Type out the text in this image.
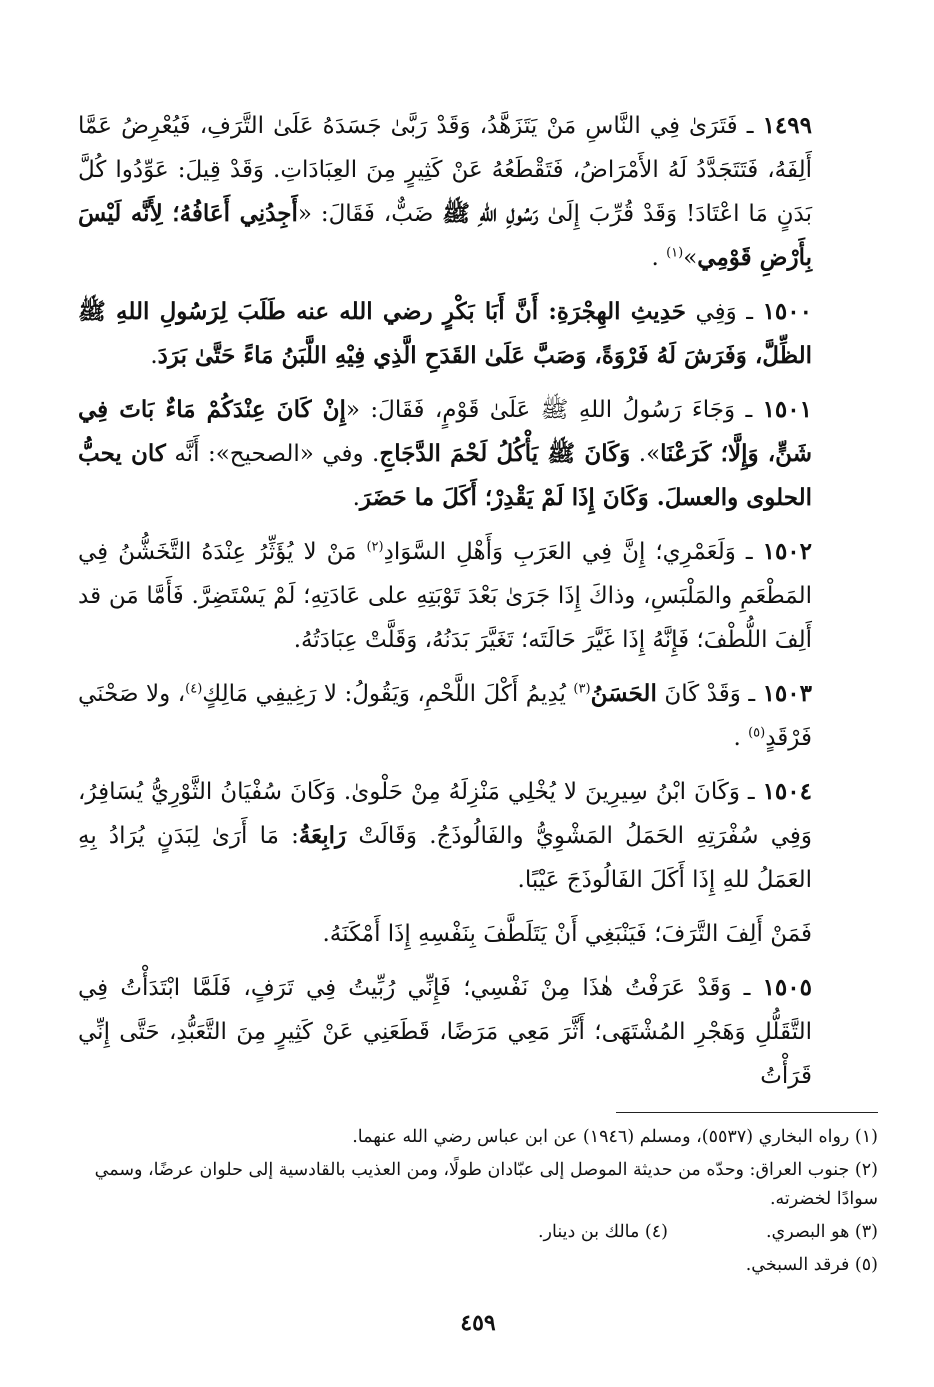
١٤٩٩ ـ فَتَرَىٰ فِي النَّاسِ مَنْ يَتَزَهَّدُ، وَقَدْ رَبَّىٰ جَسَدَهُ عَلَىٰ التَّرَفِ، فَيُعْرِضُ عَمَّا أَلِفَهُ، فَتَتَجَدَّدُ لَهُ الأَمْرَاضُ، فَتَقْطَعُهُ عَنْ كَثِيرٍ مِنَ العِبَادَاتِ. وَقَدْ قِيلَ: عَوِّدُوا كُلَّ بَدَنٍ مَا اعْتَادَ! وَقَدْ قُرِّبَ إِلَىٰ رَسُولِ اللهِ ﷺ ضَبٌّ، فَقَالَ: «أَجِدُنِي أَعَافُهُ؛ لِأَنَّه لَيْسَ بِأَرْضِ قَوْمِي»$^{(١)}$ .

١٥٠٠ ـ وَفِي حَدِيثِ الهِجْرَةِ: أَنَّ أَبَا بَكْرٍ رضي الله عنه طَلَبَ لِرَسُولِ اللهِ ﷺ الظِّلَّ، وَفَرَشَ لَهُ فَرْوَةً، وَصَبَّ عَلَىٰ القَدَحِ الَّذِي فِيْهِ اللَّبَنُ مَاءً حَتَّىٰ بَرَدَ.

١٥٠١ ـ وَجَاءَ رَسُولُ اللهِ ﷺ عَلَىٰ قَوْمٍ، فَقَالَ: «إِنْ كَانَ عِنْدَكُمْ مَاءٌ بَاتَ فِي شَنٍّ، وَإِلَّا؛ كَرَعْنَا». وَكَانَ ﷺ يَأْكُلُ لَحْمَ الدَّجَاجِ. وفي «الصحيح»: أَنَّه كان يحبُّ الحلوى والعسلَ. وَكَانَ إِذَا لَمْ يَقْدِرْ؛ أَكَلَ ما حَضَرَ.

١٥٠٢ ـ وَلَعَمْرِي؛ إِنَّ فِي العَرَبِ وَأَهْلِ السَّوَادِ$^{(٢)}$ مَنْ لا يُؤَثِّرُ عِنْدَهُ التَّخَشُّنُ فِي المَطْعَمِ والمَلْبَسِ، وذاكَ إِذَا جَرَىٰ بَعْدَ تَوْبَتِهِ على عَادَتِهِ؛ لَمْ يَسْتَضِرَّ. فَأَمَّا مَن قد أَلِفَ اللُّطْفَ؛ فَإِنَّهُ إِذَا غَيَّرَ حَالَتَه؛ تَغَيَّرَ بَدَنُهُ، وَقَلَّتْ عِبَادَتُهُ.

١٥٠٣ ـ وَقَدْ كَانَ الحَسَنُ$^{(٣)}$ يُدِيمُ أَكْلَ اللَّحْمِ، وَيَقُولُ: لا رَغِيفِي مَالِكٍ$^{(٤)}$، ولا صَحْنَي فَرْقَدٍ$^{(٥)}$ .

١٥٠٤ ـ وَكَانَ ابْنُ سِيرِينَ لا يُخْلِي مَنْزِلَهُ مِنْ حَلْوىٰ. وَكَانَ سُفْيَانُ الثَّوْرِيُّ يُسَافِرُ، وَفِي سُفْرَتِهِ الحَمَلُ المَشْوِيُّ والفَالُوذَجُ. وَقَالَتْ رَابِعَةُ: مَا أَرَىٰ لِبَدَنٍ يُرَادُ بِهِ العَمَلُ للهِ إِذَا أَكَلَ الفَالُوذَجَ عَيْبًا.

فَمَنْ أَلِفَ التَّرَفَ؛ فَيَنْبَغِي أَنْ يَتَلَطَّفَ بِنَفْسِهِ إِذَا أَمْكَنَهُ.

١٥٠٥ ـ وَقَدْ عَرَفْتُ هٰذَا مِنْ نَفْسِي؛ فَإِنِّي رُبِّيتُ فِي تَرَفٍ، فَلَمَّا ابْتَدَأْتُ فِي التَّقَلُّلِ وَهَجْرِ المُشْتَهَى؛ أَثَّرَ مَعِي مَرَضًا، قَطَعَنِي عَنْ كَثِيرٍ مِنَ التَّعَبُّدِ، حَتَّى إِنِّي قَرَأْتُ

(١) رواه البخاري (٥٥٣٧)، ومسلم (١٩٤٦) عن ابن عباس رضي الله عنهما.

(٢) جنوب العراق: وحدّه من حديثة الموصل إلى عبّادان طولًا، ومن العذيب بالقادسية إلى حلوان عرضًا، وسمي سوادًا لخضرته.

(٣) هو البصري.

(٤) مالك بن دينار.

(٥) فرقد السبخي.

٤٥٩
